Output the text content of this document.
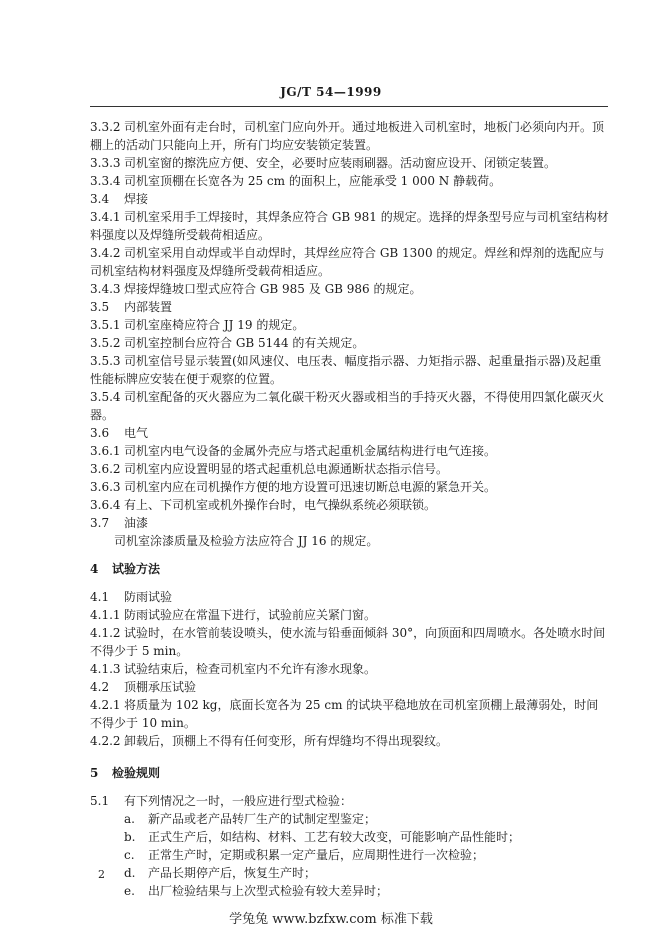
JG/T 54—1999

3.3.2 司机室外面有走台时，司机室门应向外开。通过地板进入司机室时，地板门必须向内开。顶棚上的活动门只能向上开，所有门均应安装锁定装置。

3.3.3 司机室窗的擦洗应方便、安全，必要时应装雨刷器。活动窗应设开、闭锁定装置。

3.3.4 司机室顶棚在长宽各为 25 cm 的面积上，应能承受 1 000 N 静载荷。

3.4 焊接

3.4.1 司机室采用手工焊接时，其焊条应符合 GB 981 的规定。选择的焊条型号应与司机室结构材料强度以及焊缝所受载荷相适应。

3.4.2 司机室采用自动焊或半自动焊时，其焊丝应符合 GB 1300 的规定。焊丝和焊剂的选配应与司机室结构材料强度及焊缝所受载荷相适应。

3.4.3 焊接焊缝坡口型式应符合 GB 985 及 GB 986 的规定。

3.5 内部装置

3.5.1 司机室座椅应符合 JJ 19 的规定。

3.5.2 司机室控制台应符合 GB 5144 的有关规定。

3.5.3 司机室信号显示装置(如风速仪、电压表、幅度指示器、力矩指示器、起重量指示器)及起重性能标牌应安装在便于观察的位置。

3.5.4 司机室配备的灭火器应为二氧化碳干粉灭火器或相当的手持灭火器，不得使用四氯化碳灭火器。

3.6 电气

3.6.1 司机室内电气设备的金属外壳应与塔式起重机金属结构进行电气连接。

3.6.2 司机室内应设置明显的塔式起重机总电源通断状态指示信号。

3.6.3 司机室内应在司机操作方便的地方设置可迅速切断总电源的紧急开关。

3.6.4 有上、下司机室或机外操作台时，电气操纵系统必须联锁。

3.7 油漆

司机室涂漆质量及检验方法应符合 JJ 16 的规定。

4 试验方法

4.1 防雨试验

4.1.1 防雨试验应在常温下进行，试验前应关紧门窗。

4.1.2 试验时，在水管前装设喷头，使水流与铅垂面倾斜 30°，向顶面和四周喷水。各处喷水时间不得少于 5 min。

4.1.3 试验结束后，检查司机室内不允许有渗水现象。

4.2 顶棚承压试验

4.2.1 将质量为 102 kg，底面长宽各为 25 cm 的试块平稳地放在司机室顶棚上最薄弱处，时间不得少于 10 min。

4.2.2 卸载后，顶棚上不得有任何变形，所有焊缝均不得出现裂纹。

5 检验规则

5.1 有下列情况之一时，一般应进行型式检验：

a. 新产品或老产品转厂生产的试制定型鉴定；

b. 正式生产后，如结构、材料、工艺有较大改变，可能影响产品性能时；

c. 正常生产时，定期或积累一定产量后，应周期性进行一次检验；

d. 产品长期停产后，恢复生产时；

e. 出厂检验结果与上次型式检验有较大差异时；

2
学兔兔 www.bzfxw.com 标准下载
